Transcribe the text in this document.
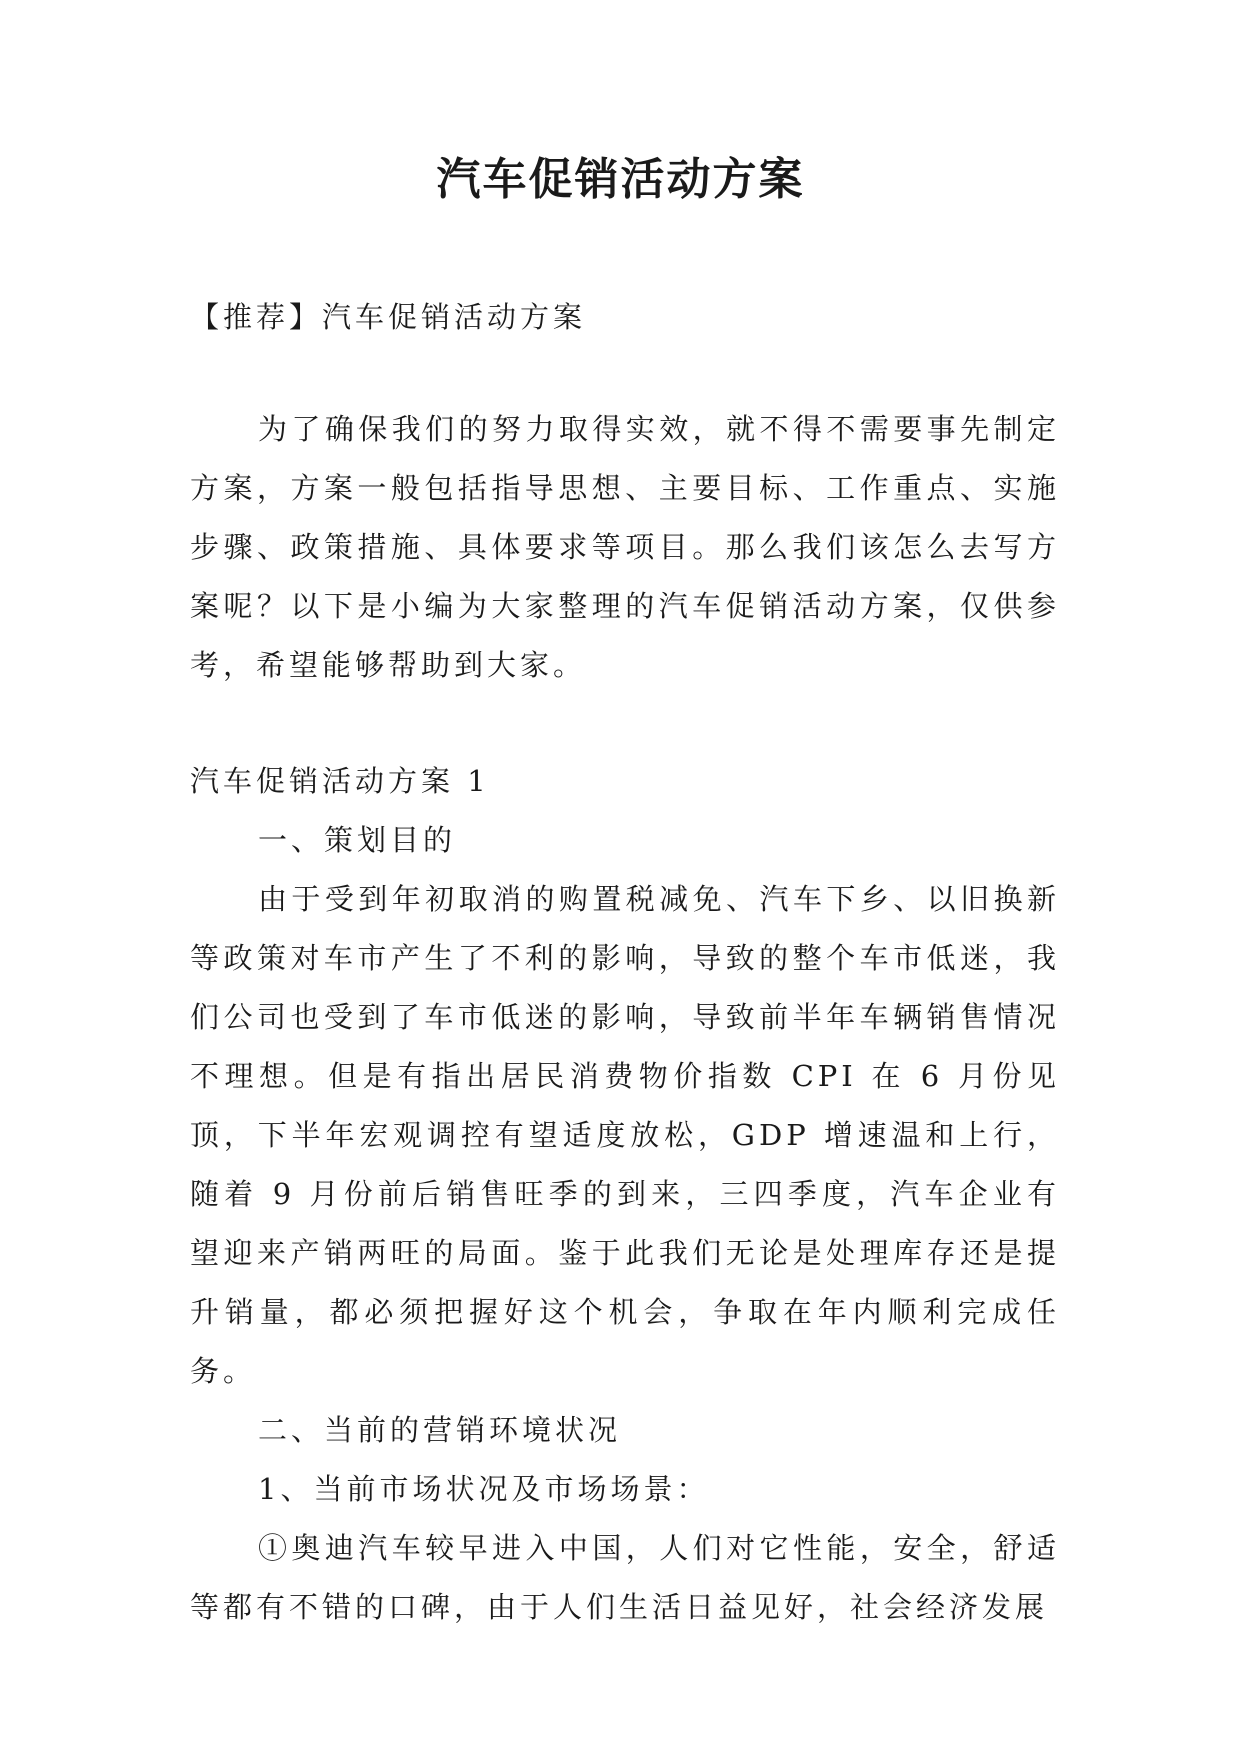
汽车促销活动方案

【推荐】汽车促销活动方案

为了确保我们的努力取得实效，就不得不需要事先制定方案，方案一般包括指导思想、主要目标、工作重点、实施步骤、政策措施、具体要求等项目。那么我们该怎么去写方案呢？以下是小编为大家整理的汽车促销活动方案，仅供参考，希望能够帮助到大家。

汽车促销活动方案 1

一、策划目的

由于受到年初取消的购置税减免、汽车下乡、以旧换新等政策对车市产生了不利的影响，导致的整个车市低迷，我们公司也受到了车市低迷的影响，导致前半年车辆销售情况不理想。但是有指出居民消费物价指数 CPI 在 6 月份见顶，下半年宏观调控有望适度放松，GDP 增速温和上行，随着 9 月份前后销售旺季的到来，三四季度，汽车企业有望迎来产销两旺的局面。鉴于此我们无论是处理库存还是提升销量，都必须把握好这个机会，争取在年内顺利完成任务。

二、当前的营销环境状况

1、当前市场状况及市场场景：

①奥迪汽车较早进入中国，人们对它性能，安全，舒适等都有不错的口碑，由于人们生活日益见好，社会经济发展
